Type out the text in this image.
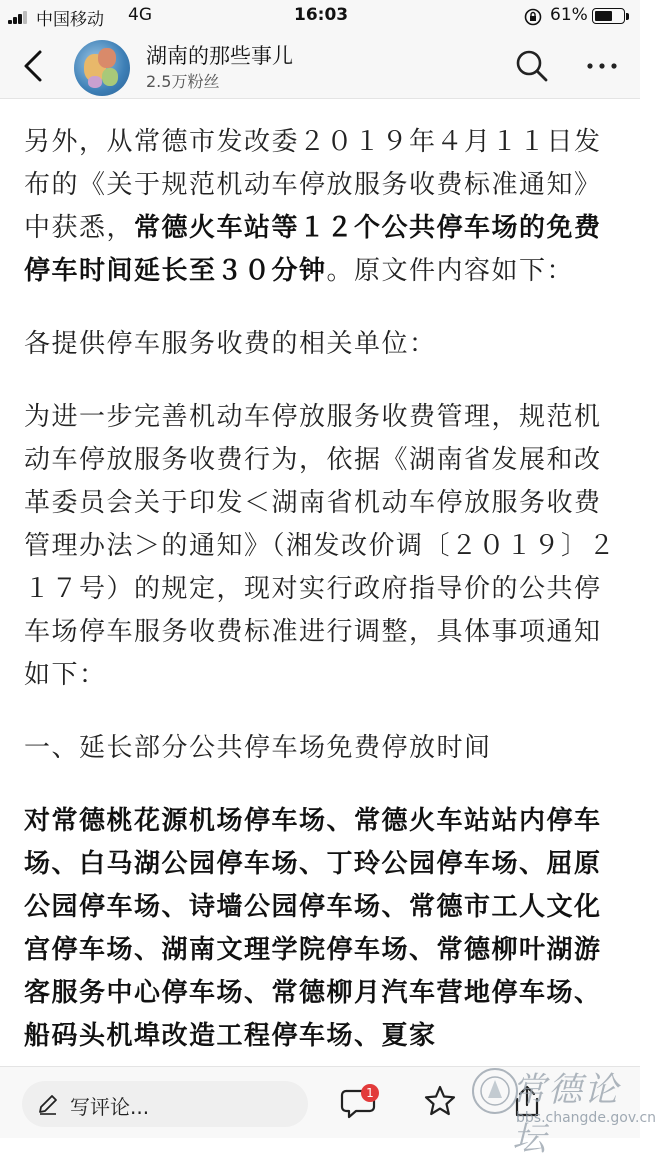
中国移动 4G	16:03	61%
湖南的那些事儿
2.5万粉丝

另外，从常德市发改委２０１９年４月１１日发布的《关于规范机动车停放服务收费标准通知》中获悉，常德火车站等１２个公共停车场的免费停车时间延长至３０分钟。原文件内容如下：

各提供停车服务收费的相关单位：

为进一步完善机动车停放服务收费管理，规范机动车停放服务收费行为，依据《湖南省发展和改革委员会关于印发＜湖南省机动车停放服务收费管理办法＞的通知》（湘发改价调〔２０１９〕２１７号）的规定，现对实行政府指导价的公共停车场停车服务收费标准进行调整，具体事项通知如下：

一、延长部分公共停车场免费停放时间

对常德桃花源机场停车场、常德火车站站内停车场、白马湖公园停车场、丁玲公园停车场、屈原公园停车场、诗墙公园停车场、常德市工人文化宫停车场、湖南文理学院停车场、常德柳叶湖游客服务中心停车场、常德柳月汽车营地停车场、船码头机埠改造工程停车场、夏家

写评论...
1	常德论坛
bbs.changde.gov.cn
